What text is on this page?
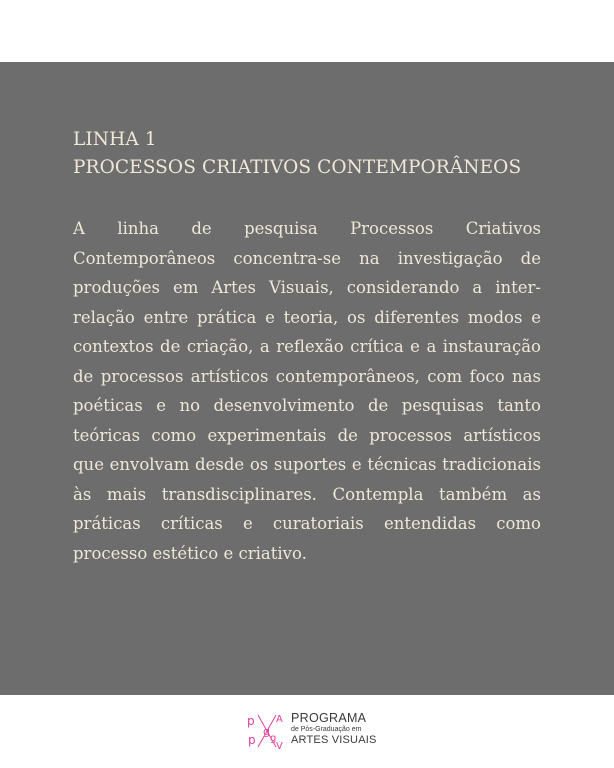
LINHA 1
PROCESSOS CRIATIVOS CONTEMPORÂNEOS

A linha de pesquisa Processos Criativos Contemporâneos concentra-se na investigação de produções em Artes Visuais, considerando a inter-relação entre prática e teoria, os diferentes modos e contextos de criação, a reflexão crítica e a instauração de processos artísticos contemporâneos, com foco nas poéticas e no desenvolvimento de pesquisas tanto teóricas como experimentais de processos artísticos que envolvam desde os suportes e técnicas tradicionais às mais transdisciplinares. Contempla também as práticas críticas e curatoriais entendidas como processo estético e criativo.

p
g
A
p g
V
PROGRAMA
de Pós-Graduação em
ARTES VISUAIS
